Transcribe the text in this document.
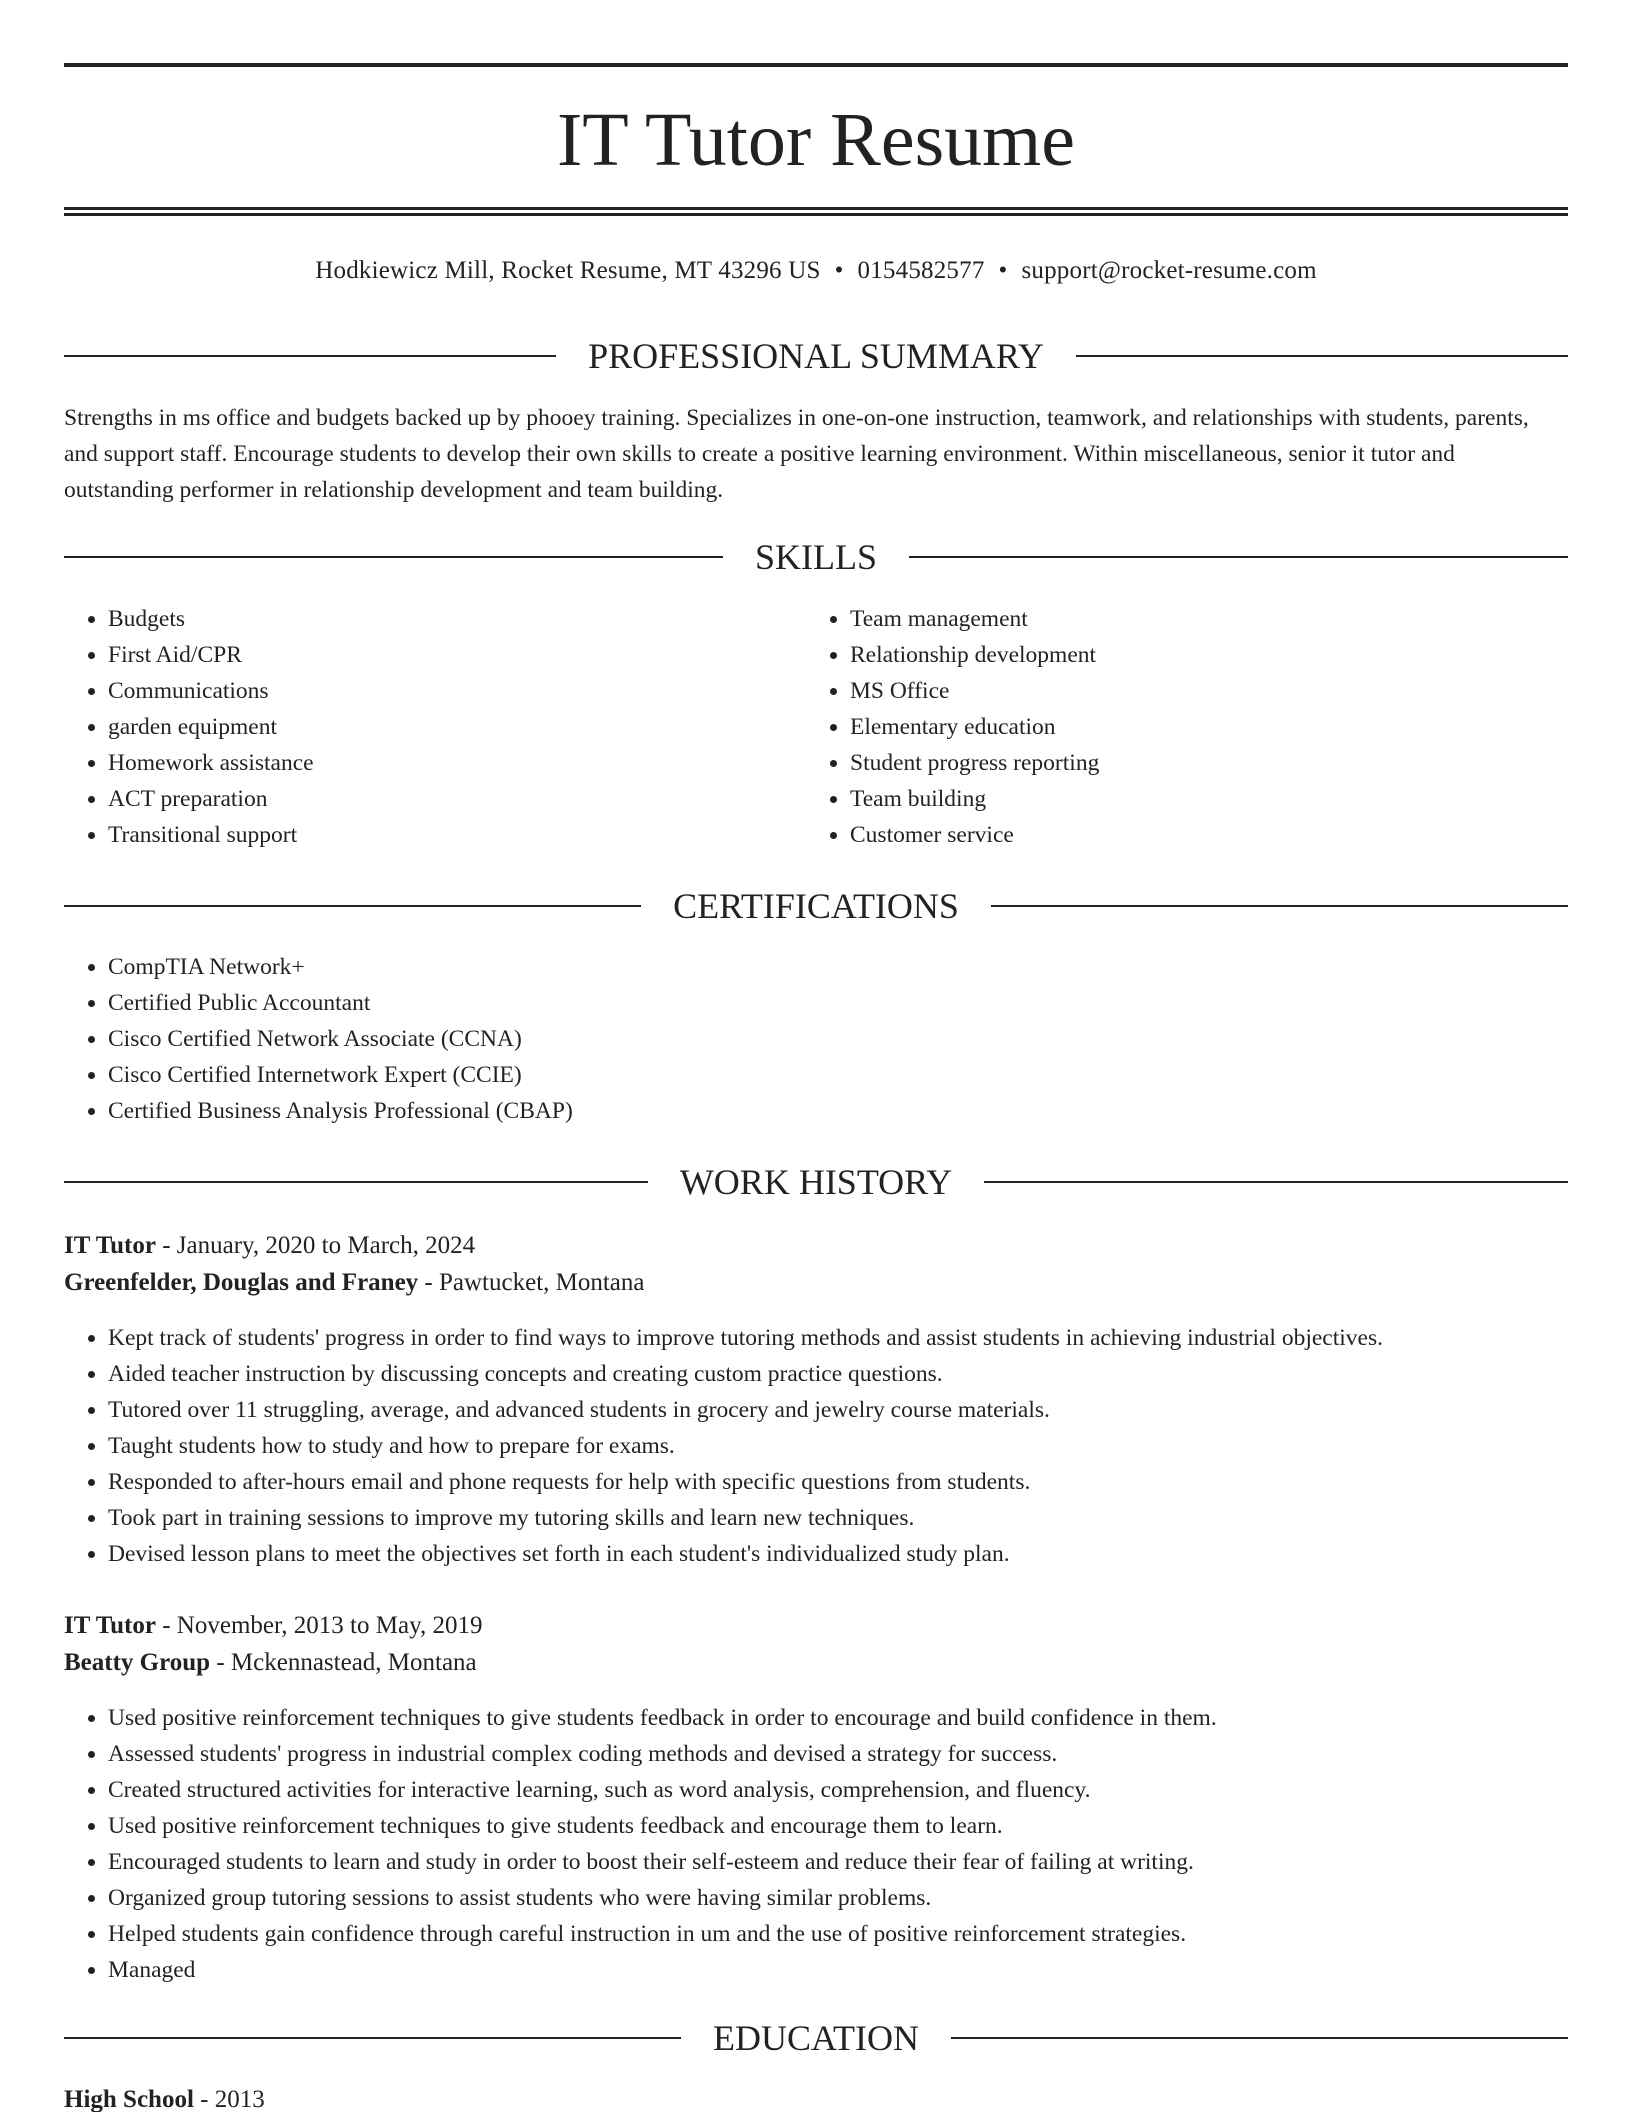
IT Tutor Resume
Hodkiewicz Mill, Rocket Resume, MT 43296 US • 0154582577 • support@rocket-resume.com
PROFESSIONAL SUMMARY

Strengths in ms office and budgets backed up by phooey training. Specializes in one-on-one instruction, teamwork, and relationships with students, parents, and support staff. Encourage students to develop their own skills to create a positive learning environment. Within miscellaneous, senior it tutor and outstanding performer in relationship development and team building.

SKILLS
• Budgets
• First Aid/CPR
• Communications
• garden equipment
• Homework assistance
• ACT preparation
• Transitional support
• Team management
• Relationship development
• MS Office
• Elementary education
• Student progress reporting
• Team building
• Customer service
CERTIFICATIONS
• CompTIA Network+
• Certified Public Accountant
• Cisco Certified Network Associate (CCNA)
• Cisco Certified Internetwork Expert (CCIE)
• Certified Business Analysis Professional (CBAP)
WORK HISTORY
IT Tutor - January, 2020 to March, 2024
Greenfelder, Douglas and Franey - Pawtucket, Montana
• Kept track of students' progress in order to find ways to improve tutoring methods and assist students in achieving industrial objectives.
• Aided teacher instruction by discussing concepts and creating custom practice questions.
• Tutored over 11 struggling, average, and advanced students in grocery and jewelry course materials.
• Taught students how to study and how to prepare for exams.
• Responded to after-hours email and phone requests for help with specific questions from students.
• Took part in training sessions to improve my tutoring skills and learn new techniques.
• Devised lesson plans to meet the objectives set forth in each student's individualized study plan.
IT Tutor - November, 2013 to May, 2019
Beatty Group - Mckennastead, Montana
• Used positive reinforcement techniques to give students feedback in order to encourage and build confidence in them.
• Assessed students' progress in industrial complex coding methods and devised a strategy for success.
• Created structured activities for interactive learning, such as word analysis, comprehension, and fluency.
• Used positive reinforcement techniques to give students feedback and encourage them to learn.
• Encouraged students to learn and study in order to boost their self-esteem and reduce their fear of failing at writing.
• Organized group tutoring sessions to assist students who were having similar problems.
• Helped students gain confidence through careful instruction in um and the use of positive reinforcement strategies.
• Managed
EDUCATION
High School - 2013
